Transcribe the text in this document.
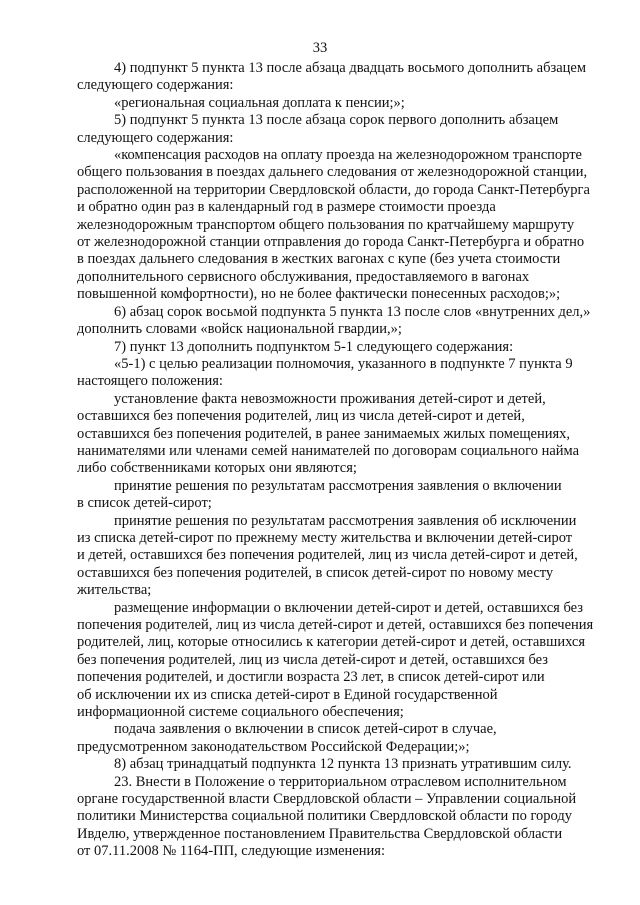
33

4) подпункт 5 пункта 13 после абзаца двадцать восьмого дополнить абзацем
следующего содержания:

«региональная социальная доплата к пенсии;»;

5) подпункт 5 пункта 13 после абзаца сорок первого дополнить абзацем
следующего содержания:

«компенсация расходов на оплату проезда на железнодорожном транспорте
общего пользования в поездах дальнего следования от железнодорожной станции,
расположенной на территории Свердловской области, до города Санкт-Петербурга
и обратно один раз в календарный год в размере стоимости проезда
железнодорожным транспортом общего пользования по кратчайшему маршруту
от железнодорожной станции отправления до города Санкт-Петербурга и обратно
в поездах дальнего следования в жестких вагонах с купе (без учета стоимости
дополнительного сервисного обслуживания, предоставляемого в вагонах
повышенной комфортности), но не более фактически понесенных расходов;»;

6) абзац сорок восьмой подпункта 5 пункта 13 после слов «внутренних дел,»
дополнить словами «войск национальной гвардии,»;

7) пункт 13 дополнить подпунктом 5-1 следующего содержания:

«5-1) с целью реализации полномочия, указанного в подпункте 7 пункта 9
настоящего положения:

установление факта невозможности проживания детей-сирот и детей,
оставшихся без попечения родителей, лиц из числа детей-сирот и детей,
оставшихся без попечения родителей, в ранее занимаемых жилых помещениях,
нанимателями или членами семей нанимателей по договорам социального найма
либо собственниками которых они являются;

принятие решения по результатам рассмотрения заявления о включении
в список детей-сирот;

принятие решения по результатам рассмотрения заявления об исключении
из списка детей-сирот по прежнему месту жительства и включении детей-сирот
и детей, оставшихся без попечения родителей, лиц из числа детей-сирот и детей,
оставшихся без попечения родителей, в список детей-сирот по новому месту
жительства;

размещение информации о включении детей-сирот и детей, оставшихся без
попечения родителей, лиц из числа детей-сирот и детей, оставшихся без попечения
родителей, лиц, которые относились к категории детей-сирот и детей, оставшихся
без попечения родителей, лиц из числа детей-сирот и детей, оставшихся без
попечения родителей, и достигли возраста 23 лет, в список детей-сирот или
об исключении их из списка детей-сирот в Единой государственной
информационной системе социального обеспечения;

подача заявления о включении в список детей-сирот в случае,
предусмотренном законодательством Российской Федерации;»;

8) абзац тринадцатый подпункта 12 пункта 13 признать утратившим силу.

23. Внести в Положение о территориальном отраслевом исполнительном
органе государственной власти Свердловской области – Управлении социальной
политики Министерства социальной политики Свердловской области по городу
Ивделю, утвержденное постановлением Правительства Свердловской области
от 07.11.2008 № 1164-ПП, следующие изменения:
